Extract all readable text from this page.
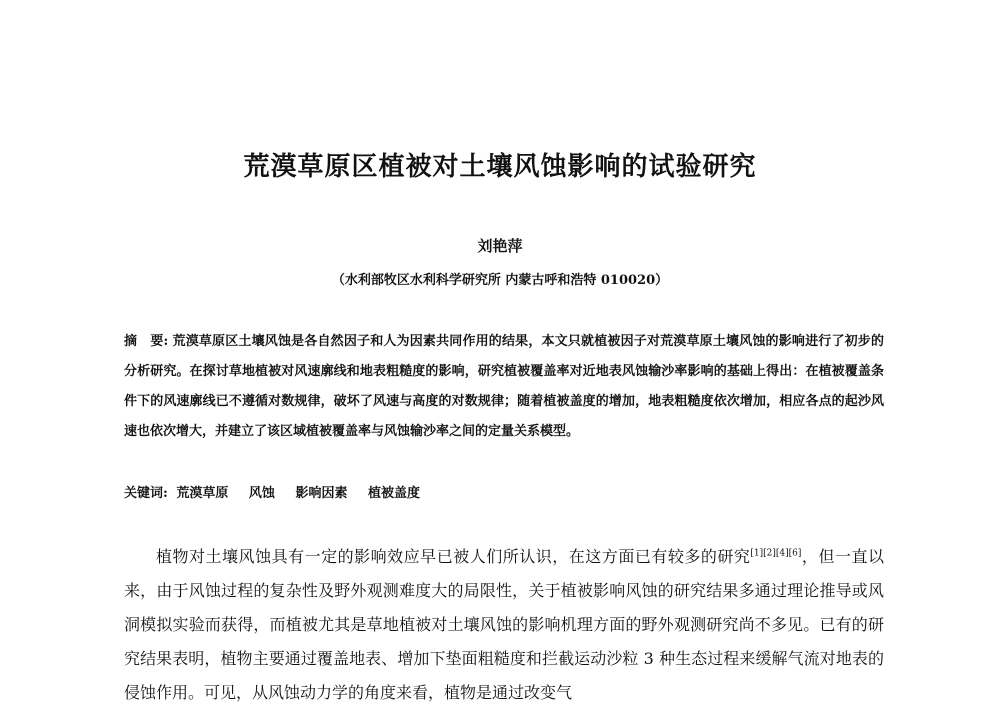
荒漠草原区植被对土壤风蚀影响的试验研究
刘艳萍
（水利部牧区水利科学研究所 内蒙古呼和浩特 010020）
摘　要: 荒漠草原区土壤风蚀是各自然因子和人为因素共同作用的结果，本文只就植被因子对荒漠草原土壤风蚀的影响进行了初步的分析研究。在探讨草地植被对风速廓线和地表粗糙度的影响，研究植被覆盖率对近地表风蚀输沙率影响的基础上得出：在植被覆盖条件下的风速廓线已不遵循对数规律，破坏了风速与高度的对数规律；随着植被盖度的增加，地表粗糙度依次增加，相应各点的起沙风速也依次增大，并建立了该区域植被覆盖率与风蚀输沙率之间的定量关系模型。
关键词: 荒漠草原 风蚀 影响因素 植被盖度
植物对土壤风蚀具有一定的影响效应早已被人们所认识，在这方面已有较多的研究[1][2][4][6]，但一直以来，由于风蚀过程的复杂性及野外观测难度大的局限性，关于植被影响风蚀的研究结果多通过理论推导或风洞模拟实验而获得，而植被尤其是草地植被对土壤风蚀的影响机理方面的野外观测研究尚不多见。已有的研究结果表明，植物主要通过覆盖地表、增加下垫面粗糙度和拦截运动沙粒 3 种生态过程来缓解气流对地表的侵蚀作用。可见，从风蚀动力学的角度来看，植物是通过改变气
